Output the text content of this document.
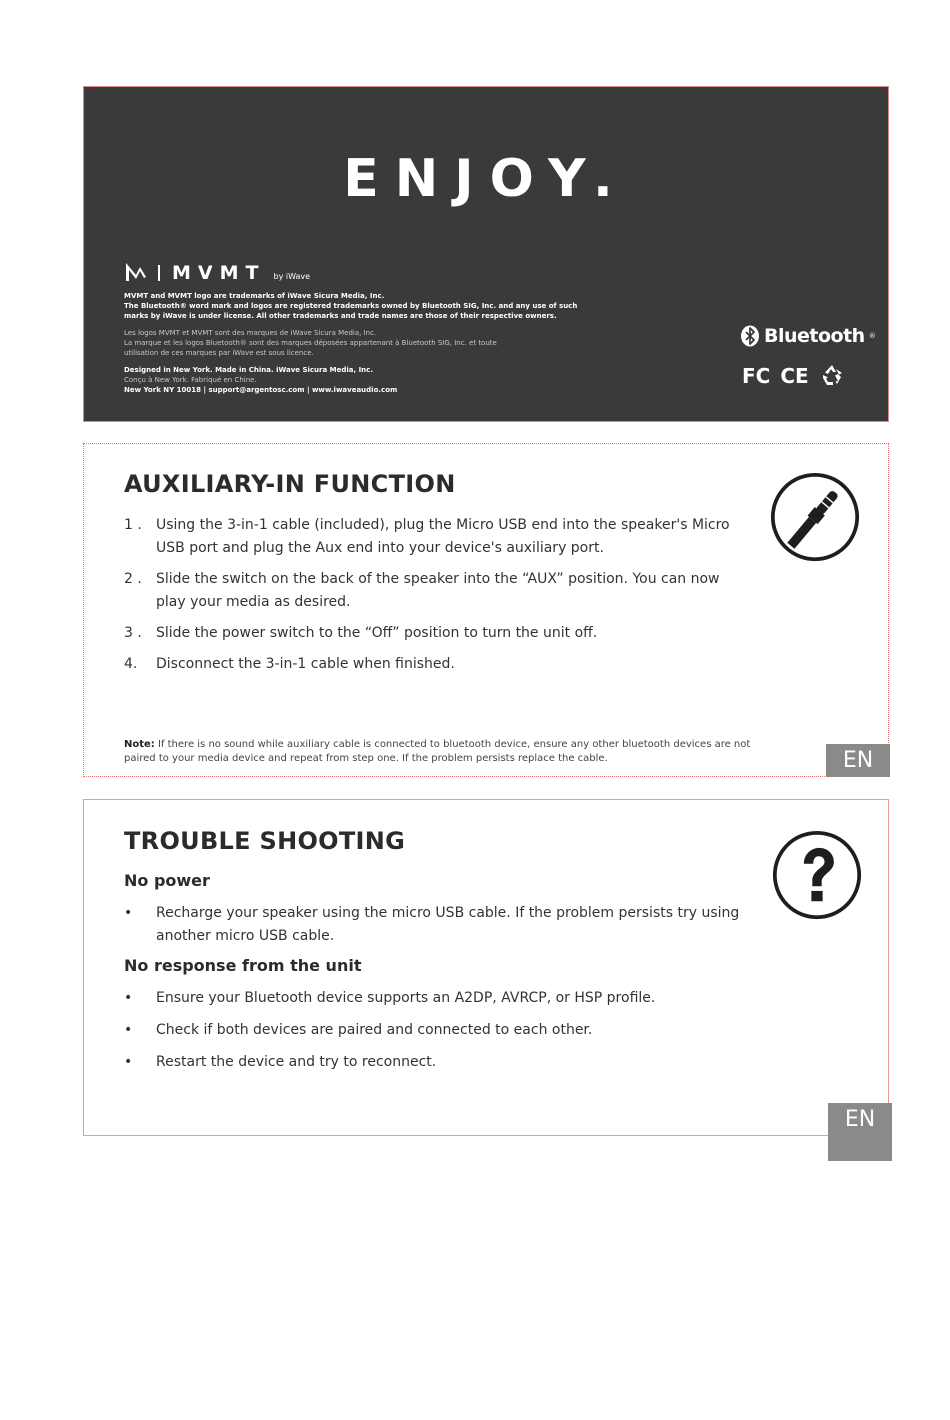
ENJOY.
MVMT by iWave
MVMT and MVMT logo are trademarks of iWave Sicura Media, Inc.
The Bluetooth® word mark and logos are registered trademarks owned by Bluetooth SIG, Inc. and any use of such
marks by iWave is under license. All other trademarks and trade names are those of their respective owners.
Les logos MVMT et MVMT sont des marques de iWave Sicura Media, Inc.
La marque et les logos Bluetooth® sont des marques déposées appartenant à Bluetooth SIG, Inc. et toute
utilisation de ces marques par iWave est sous licence.
Designed in New York. Made in China. iWave Sicura Media, Inc.
Conçu à New York. Fabriqué en Chine.
New York NY 10018 | support@argentosc.com | www.iwaveaudio.com
Bluetooth ®
FC CE
AUXILIARY-IN FUNCTION
1 .	Using the 3-in-1 cable (included), plug the Micro USB end into the speaker's Micro USB port and plug the Aux end into your device's auxiliary port.
2 .	Slide the switch on the back of the speaker into the “AUX” position. You can now play your media as desired.
3 .	Slide the power switch to the “Off” position to turn the unit off.
4.	Disconnect the 3-in-1 cable when finished.

Note: If there is no sound while auxiliary cable is connected to bluetooth device, ensure any other bluetooth devices are not paired to your media device and repeat from step one. If the problem persists replace the cable.	EN
TROUBLE SHOOTING
No power
•	Recharge your speaker using the micro USB cable. If the problem persists try using another micro USB cable.
No response from the unit
•	Ensure your Bluetooth device supports an A2DP, AVRCP, or HSP profile.
•	Check if both devices are paired and connected to each other.
•	Restart the device and try to reconnect.
EN
